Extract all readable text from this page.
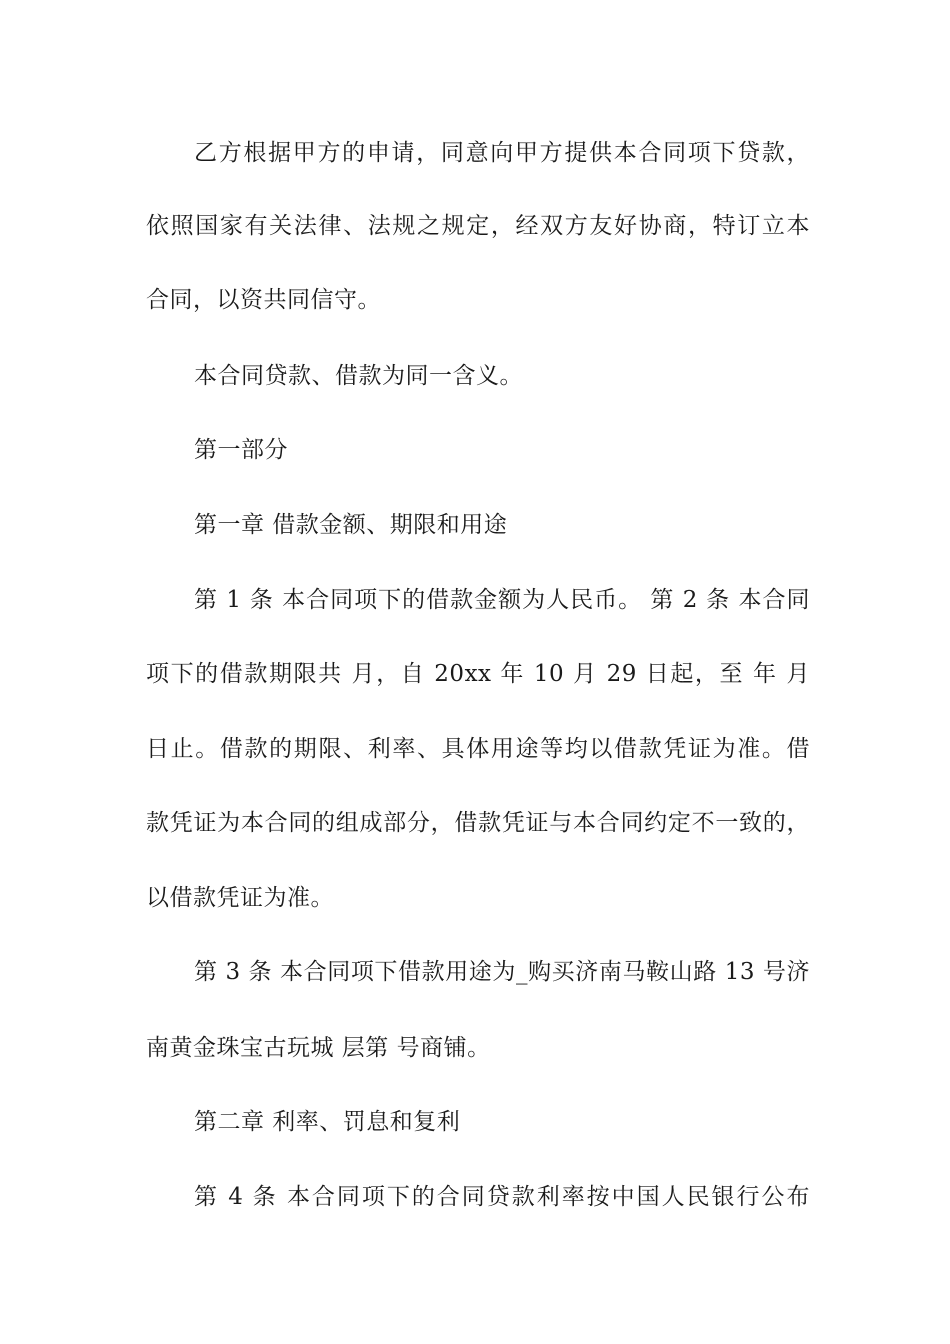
乙方根据甲方的申请，同意向甲方提供本合同项下贷款，
依照国家有关法律、法规之规定，经双方友好协商，特订立本
合同，以资共同信守。
本合同贷款、借款为同一含义。
第一部分
第一章 借款金额、期限和用途
第 1 条 本合同项下的借款金额为人民币。 第 2 条 本合同
项下的借款期限共 月，自 20xx 年 10 月 29 日起，至 年 月
日止。借款的期限、利率、具体用途等均以借款凭证为准。借
款凭证为本合同的组成部分，借款凭证与本合同约定不一致的，
以借款凭证为准。
第 3 条 本合同项下借款用途为_购买济南马鞍山路 13 号济
南黄金珠宝古玩城 层第 号商铺。
第二章 利率、罚息和复利
第 4 条 本合同项下的合同贷款利率按中国人民银行公布
